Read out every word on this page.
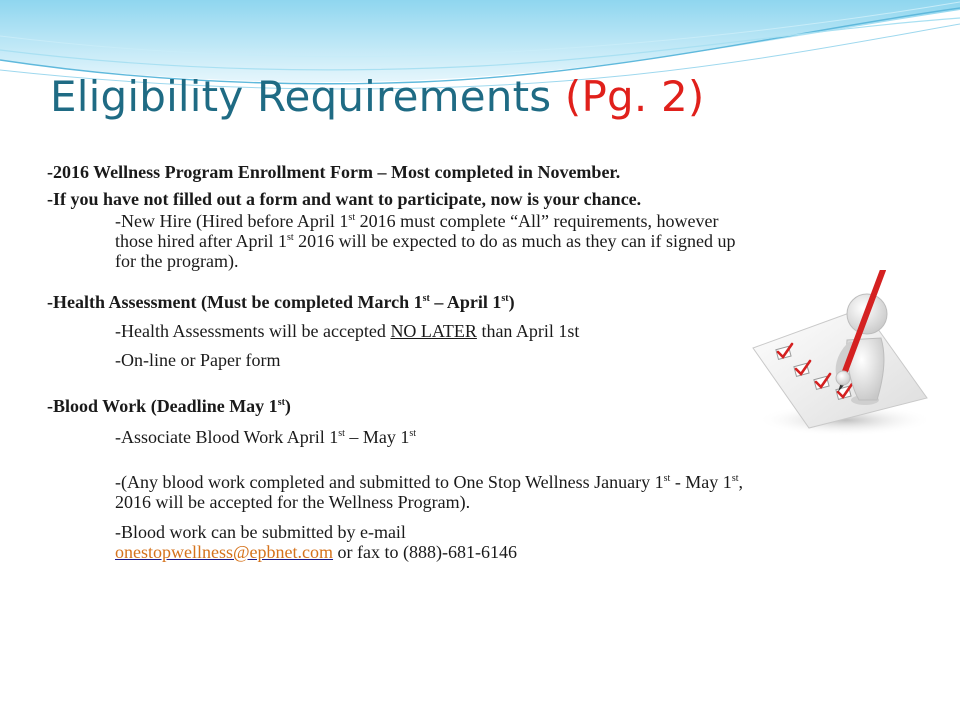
Eligibility Requirements (Pg. 2)

-2016 Wellness Program Enrollment Form – Most completed in November.

-If you have not filled out a form and want to participate, now is your chance.

-New Hire (Hired before April 1st 2016 must complete “All” requirements, however those hired after April 1st 2016 will be expected to do as much as they can if signed up for the program).

-Health Assessment (Must be completed March 1st – April 1st)

-Health Assessments will be accepted NO LATER than April 1st

-On-line or Paper form

-Blood Work (Deadline May 1st)

-Associate Blood Work April 1st – May 1st

-(Any blood work completed and submitted to One Stop Wellness January 1st - May 1st, 2016 will be accepted for the Wellness Program).

-Blood work can be submitted by e-mail
onestopwellness@epbnet.com or fax to (888)-681-6146
